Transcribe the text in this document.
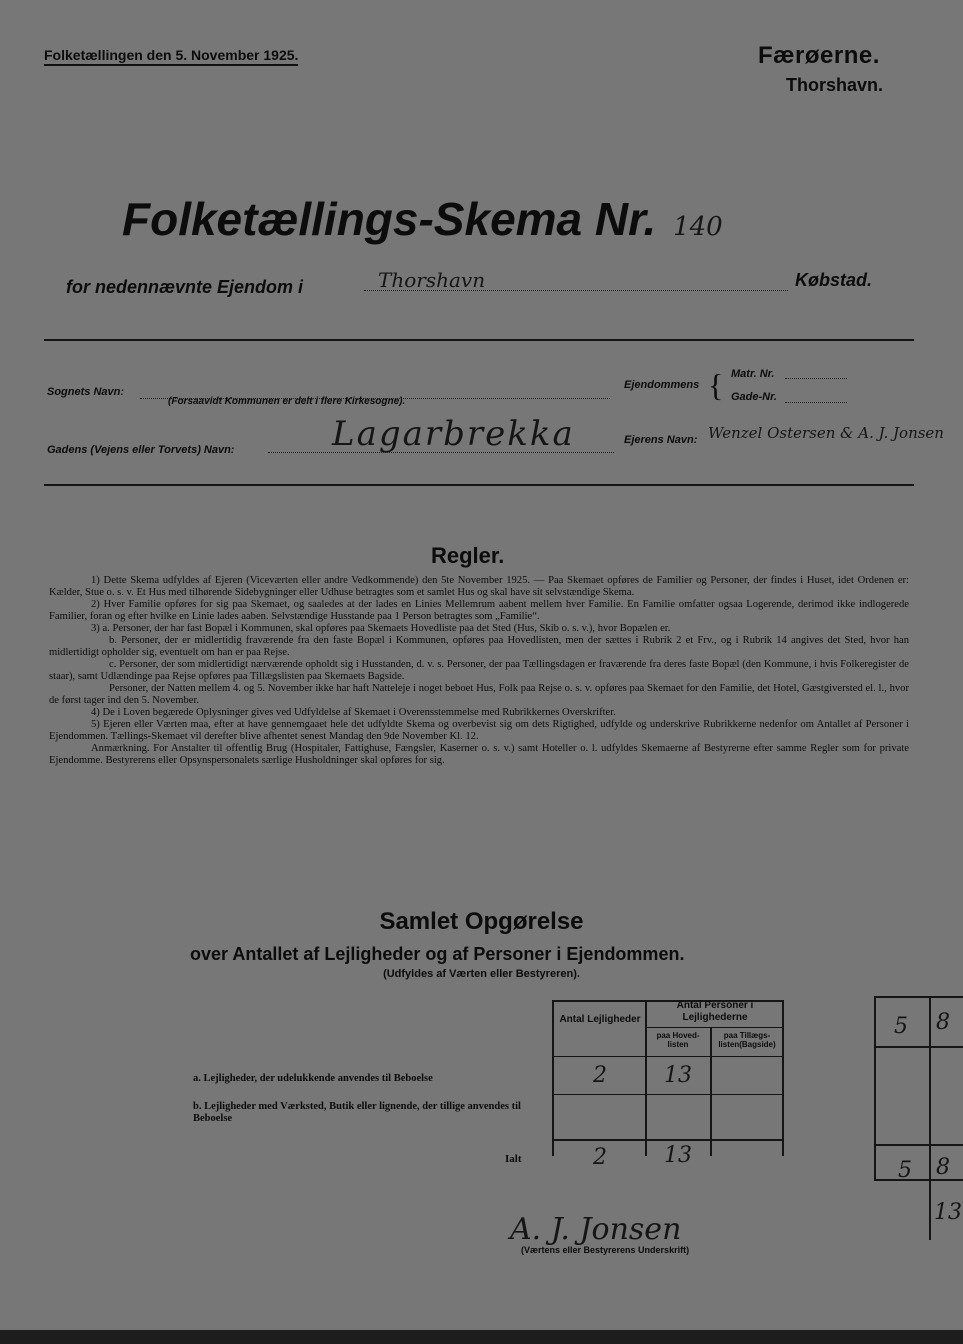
Folketællingen den 5. November 1925.	Færøerne.
Thorshavn.
Folketællings-Skema Nr. 140
for nedennævnte Ejendom i	Thorshavn	Købstad.
Sognets Navn:
(Forsaavidt Kommunen er delt i flere Kirkesogne).
Ejendommens { Matr. Nr.
Gade-Nr.
Gadens (Vejens eller Torvets) Navn:	Lagarbrekka	Ejerens Navn: Wenzel Ostersen & A. J. Jonsen
Regler.

1) Dette Skema udfyldes af Ejeren (Viceværten eller andre Vedkommende) den 5te November 1925. — Paa Skemaet opføres de Familier og Personer, der findes i Huset, idet Ordenen er: Kælder, Stue o. s. v. Et Hus med tilhørende Sidebygninger eller Udhuse betragtes som et samlet Hus og skal have sit selvstændige Skema.

2) Hver Familie opføres for sig paa Skemaet, og saaledes at der lades en Linies Mellemrum aabent mellem hver Familie. En Familie omfatter ogsaa Logerende, derimod ikke indlogerede Familier, foran og efter hvilke en Linie lades aaben. Selvstændige Husstande paa 1 Person betragtes som „Familie“.

3) a. Personer, der har fast Bopæl i Kommunen, skal opføres paa Skemaets Hovedliste paa det Sted (Hus, Skib o. s. v.), hvor Bopælen er.

b. Personer, der er midlertidig fraværende fra den faste Bopæl i Kommunen, opføres paa Hovedlisten, men der sættes i Rubrik 2 et Frv., og i Rubrik 14 angives det Sted, hvor han midlertidigt opholder sig, eventuelt om han er paa Rejse.

c. Personer, der som midlertidigt nærværende opholdt sig i Husstanden, d. v. s. Personer, der paa Tællingsdagen er fraværende fra deres faste Bopæl (den Kommune, i hvis Folkeregister de staar), samt Udlændinge paa Rejse opføres paa Tillægslisten paa Skemaets Bagside.

Personer, der Natten mellem 4. og 5. November ikke har haft Natteleje i noget beboet Hus, Folk paa Rejse o. s. v. opføres paa Skemaet for den Familie, det Hotel, Gæstgiversted el. l., hvor de først tager ind den 5. November.

4) De i Loven begærede Oplysninger gives ved Udfyldelse af Skemaet i Overensstemmelse med Rubrikkernes Overskrifter.

5) Ejeren eller Værten maa, efter at have gennemgaaet hele det udfyldte Skema og overbevist sig om dets Rigtighed, udfylde og underskrive Rubrikkerne nedenfor om Antallet af Personer i Ejendommen. Tællings-Skemaet vil derefter blive afhentet senest Mandag den 9de November Kl. 12.

Anmærkning. For Anstalter til offentlig Brug (Hospitaler, Fattighuse, Fængsler, Kaserner o. s. v.) samt Hoteller o. l. udfyldes Skemaerne af Bestyrerne efter samme Regler som for private Ejendomme. Bestyrerens eller Opsynspersonalets særlige Husholdninger skal opføres for sig.

Samlet Opgørelse
over Antallet af Lejligheder og af Personer i Ejendommen.
(Udfyldes af Værten eller Bestyreren).
Antal Lejligheder
Antal Personer i Lejlighederne
paa Hoved-listen
paa Tillægs-listen(Bagside)
a. Lejligheder, der udelukkende anvendes til Beboelse	2	13
b. Lejligheder med Værksted, Butik eller lignende, der tillige anvendes til Beboelse
Ialt	2	13
A. J. Jonsen
(Værtens eller Bestyrerens Underskrift)
5 8
5 8
13
